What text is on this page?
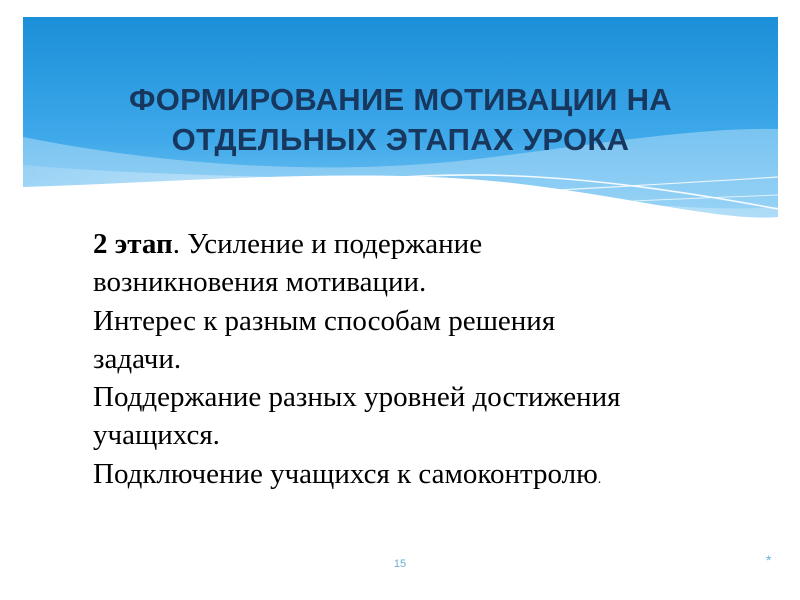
ФОРМИРОВАНИЕ МОТИВАЦИИ НА
ОТДЕЛЬНЫХ ЭТАПАХ УРОКА
2 этап. Усиление и подержание
возникновения мотивации.
Интерес к разным способам решения
задачи.
Поддержание разных уровней достижения
учащихся.
Подключение учащихся к самоконтролю.
15	*
